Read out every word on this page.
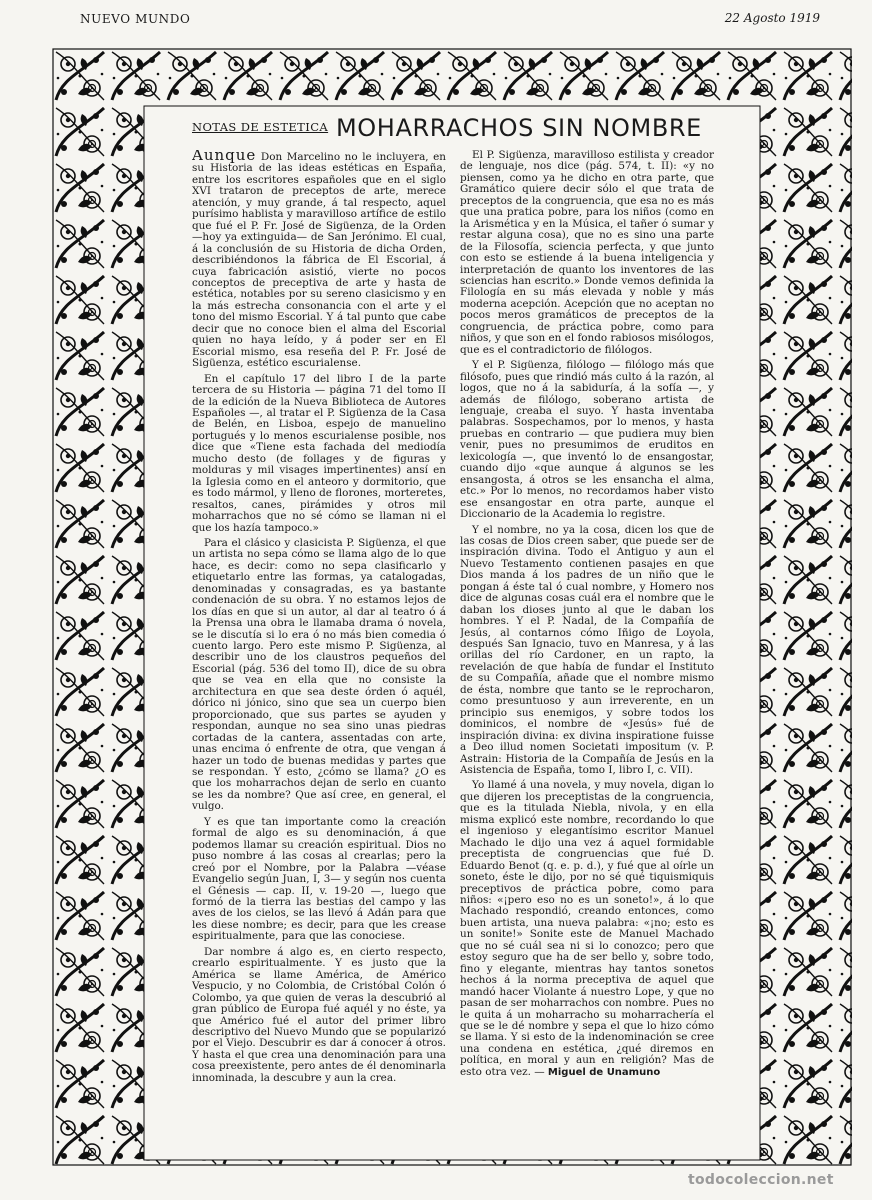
NUEVO MUNDO	22 Agosto 1919
NOTAS DE ESTETICA MOHARRACHOS SIN NOMBRE

Aunque Don Marcelino no le incluyera, en su Historia de las ideas estéticas en España, entre los escritores españoles que en el siglo XVI trataron de preceptos de arte, merece atención, y muy grande, á tal respecto, aquel purísimo hablista y maravilloso artífice de estilo que fué el P. Fr. José de Sigüenza, de la Orden —hoy ya extinguida— de San Jerónimo. El cual, á la conclusión de su Historia de dicha Orden, describiéndonos la fábrica de El Escorial, á cuya fabricación asistió, vierte no pocos conceptos de preceptiva de arte y hasta de estética, notables por su sereno clasicismo y en la más estrecha consonancia con el arte y el tono del mismo Escorial. Y á tal punto que cabe decir que no conoce bien el alma del Escorial quien no haya leído, y á poder ser en El Escorial mismo, esa reseña del P. Fr. José de Sigüenza, estético escurialense.

En el capítulo 17 del libro I de la parte tercera de su Historia — página 71 del tomo II de la edición de la Nueva Biblioteca de Autores Españoles —, al tratar el P. Sigüenza de la Casa de Belén, en Lisboa, espejo de manuelino portugués y lo menos escurialense posible, nos dice que «Tiene esta fachada del mediodía mucho desto (de follages y de figuras y molduras y mil visages impertinentes) ansí en la Iglesia como en el anteoro y dormitorio, que es todo mármol, y lleno de florones, morteretes, resaltos, canes, pirámides y otros mil moharrachos que no sé cómo se llaman ni el que los hazía tampoco.»

Para el clásico y clasicista P. Sigüenza, el que un artista no sepa cómo se llama algo de lo que hace, es decir: como no sepa clasificarlo y etiquetarlo entre las formas, ya catalogadas, denominadas y consagradas, es ya bastante condenación de su obra. Y no estamos lejos de los días en que si un autor, al dar al teatro ó á la Prensa una obra le llamaba drama ó novela, se le discutía si lo era ó no más bien comedia ó cuento largo. Pero este mismo P. Sigüenza, al describir uno de los claustros pequeños del Escorial (pág. 536 del tomo II), dice de su obra que se vea en ella que no consiste la architectura en que sea deste órden ó aquél, dórico ni jónico, sino que sea un cuerpo bien proporcionado, que sus partes se ayuden y respondan, aunque no sea sino unas piedras cortadas de la cantera, assentadas con arte, unas encima ó enfrente de otra, que vengan á hazer un todo de buenas medidas y partes que se respondan. Y esto, ¿cómo se llama? ¿O es que los moharrachos dejan de serlo en cuanto se les da nombre? Que así cree, en general, el vulgo.

Y es que tan importante como la creación formal de algo es su denominación, á que podemos llamar su creación espiritual. Dios no puso nombre á las cosas al crearlas; pero la creó por el Nombre, por la Palabra —véase Evangelio según Juan, I, 3— y según nos cuenta el Génesis — cap. II, v. 19-20 —, luego que formó de la tierra las bestias del campo y las aves de los cielos, se las llevó á Adán para que les diese nombre; es decir, para que les crease espiritualmente, para que las conociese.

Dar nombre á algo es, en cierto respecto, crearlo espiritualmente. Y es justo que la América se llame América, de Américo Vespucio, y no Colombia, de Cristóbal Colón ó Colombo, ya que quien de veras la descubrió al gran público de Europa fué aquél y no éste, ya que Américo fué el autor del primer libro descriptivo del Nuevo Mundo que se popularizó por el Viejo. Descubrir es dar á conocer á otros. Y hasta el que crea una denominación para una cosa preexistente, pero antes de él denominarla innominada, la descubre y aun la crea.

El P. Sigüenza, maravilloso estilista y creador de lenguaje, nos dice (pág. 574, t. II): «y no piensen, como ya he dicho en otra parte, que Gramático quiere decir sólo el que trata de preceptos de la congruencia, que esa no es más que una pratica pobre, para los niños (como en la Arismética y en la Música, el tañer ó sumar y restar alguna cosa), que no es sino una parte de la Filosofía, sciencia perfecta, y que junto con esto se estiende á la buena inteligencia y interpretación de quanto los inventores de las sciencias han escrito.» Donde vemos definida la Filología en su más elevada y noble y más moderna acepción. Acepción que no aceptan no pocos meros gramáticos de preceptos de la congruencia, de práctica pobre, como para niños, y que son en el fondo rabiosos misólogos, que es el contradictorio de filólogos.

Y el P. Sigüenza, filólogo — filólogo más que filósofo, pues que rindió más culto á la razón, al logos, que no á la sabiduría, á la sofía —, y además de filólogo, soberano artista de lenguaje, creaba el suyo. Y hasta inventaba palabras. Sospechamos, por lo menos, y hasta pruebas en contrario — que pudiera muy bien venir, pues no presumimos de eruditos en lexicología —, que inventó lo de ensangostar, cuando dijo «que aunque á algunos se les ensangosta, á otros se les ensancha el alma, etc.» Por lo menos, no recordamos haber visto ese ensangostar en otra parte, aunque el Diccionario de la Academia lo registre.

Y el nombre, no ya la cosa, dicen los que de las cosas de Dios creen saber, que puede ser de inspiración divina. Todo el Antiguo y aun el Nuevo Testamento contienen pasajes en que Dios manda á los padres de un niño que le pongan á éste tal ó cual nombre, y Homero nos dice de algunas cosas cuál era el nombre que le daban los dioses junto al que le daban los hombres. Y el P. Nadal, de la Compañía de Jesús, al contarnos cómo Iñigo de Loyola, después San Ignacio, tuvo en Manresa, y á las orillas del río Cardoner, en un rapto, la revelación de que había de fundar el Instituto de su Compañía, añade que el nombre mismo de ésta, nombre que tanto se le reprocharon, como presuntuoso y aun irreverente, en un principio sus enemigos, y sobre todos los dominicos, el nombre de «Jesús» fué de inspiración divina: ex divina inspiratione fuisse a Deo illud nomen Societati impositum (v. P. Astrain: Historia de la Compañía de Jesús en la Asistencia de España, tomo I, libro I, c. VII).

Yo llamé á una novela, y muy novela, digan lo que dijeren los preceptistas de la congruencia, que es la titulada Niebla, nivola, y en ella misma explicó este nombre, recordando lo que el ingenioso y elegantísimo escritor Manuel Machado le dijo una vez á aquel formidable preceptista de congruencias que fué D. Eduardo Benot (q. e. p. d.), y fué que al oírle un soneto, éste le dijo, por no sé qué tiquismiquis preceptivos de práctica pobre, como para niños: «¡pero eso no es un soneto!», á lo que Machado respondió, creando entonces, como buen artista, una nueva palabra: «¡no; esto es un sonite!» Sonite este de Manuel Machado que no sé cuál sea ni si lo conozco; pero que estoy seguro que ha de ser bello y, sobre todo, fino y elegante, mientras hay tantos sonetos hechos á la norma preceptiva de aquel que mandó hacer Violante á nuestro Lope, y que no pasan de ser moharrachos con nombre. Pues no le quita á un moharracho su moharrachería el que se le dé nombre y sepa el que lo hizo cómo se llama. Y si esto de la indenominación se cree una condena en estética, ¿qué diremos en política, en moral y aun en religión? Mas de esto otra vez. — Miguel de Unamuno

todocoleccion.net
